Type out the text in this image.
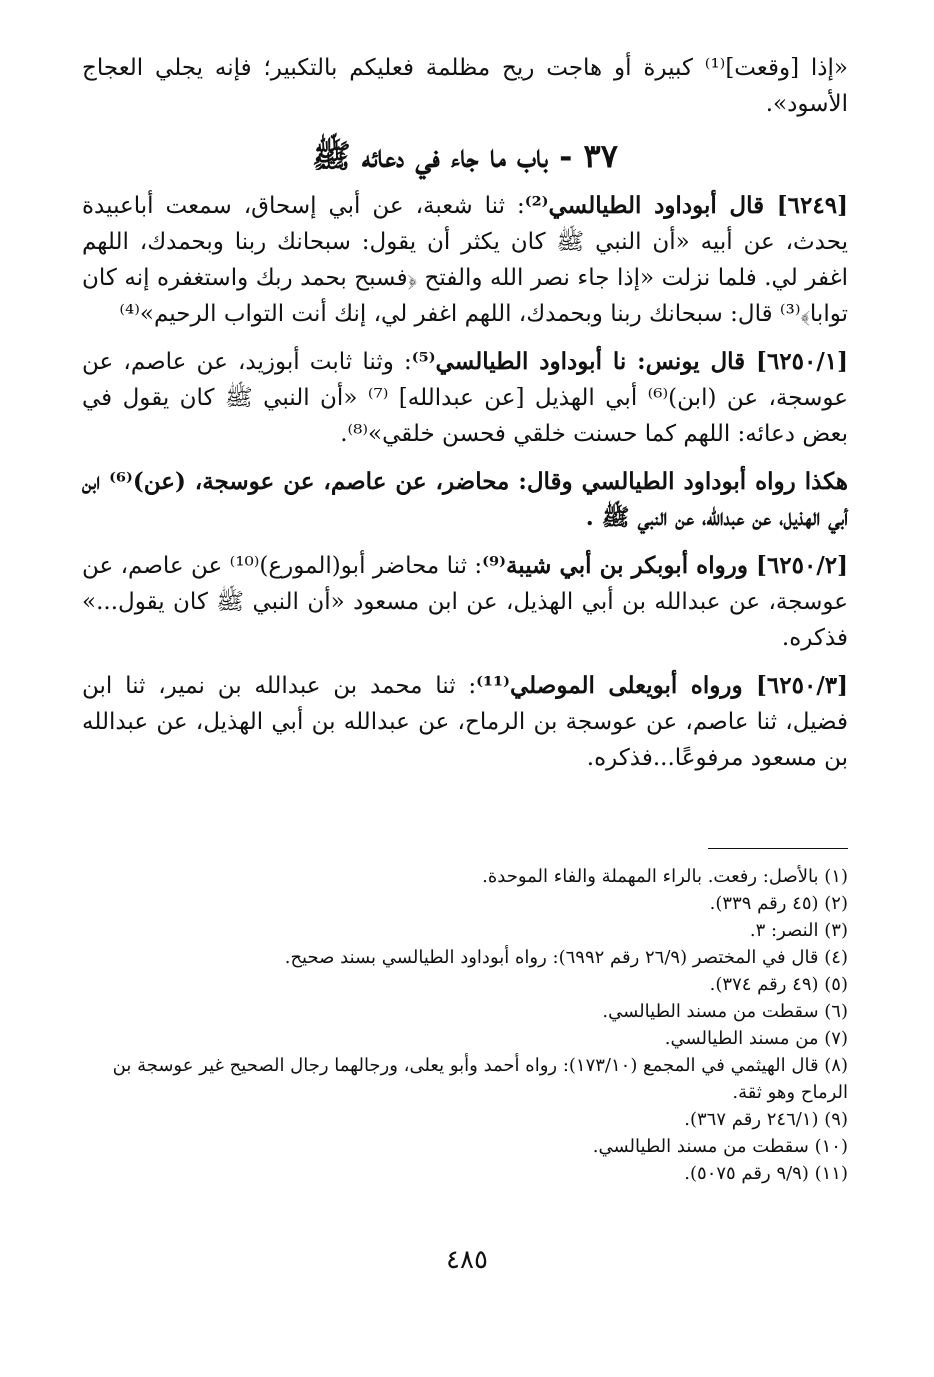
«إذا [وقعت]⁽¹⁾ كبيرة أو هاجت ريح مظلمة فعليكم بالتكبير؛ فإنه يجلي العجاج الأسود».

٣٧ - باب ما جاء في دعائه ﷺ

[٦٢٤٩] قال أبوداود الطيالسي⁽²⁾: ثنا شعبة، عن أبي إسحاق، سمعت أباعبيدة يحدث، عن أبيه «أن النبي ﷺ كان يكثر أن يقول: سبحانك ربنا وبحمدك، اللهم اغفر لي. فلما نزلت «إذا جاء نصر الله والفتح ﴿فسبح بحمد ربك واستغفره إنه كان توابا﴾⁽³⁾ قال: سبحانك ربنا وبحمدك، اللهم اغفر لي، إنك أنت التواب الرحيم»⁽⁴⁾

[٦٢٥٠/١] قال يونس: نا أبوداود الطيالسي⁽⁵⁾: وثنا ثابت أبوزيد، عن عاصم، عن عوسجة، عن (ابن)⁽⁶⁾ أبي الهذيل [عن عبدالله] ⁽⁷⁾ «أن النبي ﷺ كان يقول في بعض دعائه: اللهم كما حسنت خلقي فحسن خلقي»⁽⁸⁾.

هكذا رواه أبوداود الطيالسي وقال: محاضر، عن عاصم، عن عوسجة، (عن)⁽⁶⁾ ابن أبي الهذيل، عن عبدالله، عن النبي ﷺ .

[٦٢٥٠/٢] ورواه أبوبكر بن أبي شيبة⁽⁹⁾: ثنا محاضر أبو(المورع)⁽¹⁰⁾ عن عاصم، عن عوسجة، عن عبدالله بن أبي الهذيل، عن ابن مسعود «أن النبي ﷺ كان يقول...» فذكره.

[٦٢٥٠/٣] ورواه أبويعلى الموصلي⁽¹¹⁾: ثنا محمد بن عبدالله بن نمير، ثنا ابن فضيل، ثنا عاصم، عن عوسجة بن الرماح، عن عبدالله بن أبي الهذيل، عن عبدالله بن مسعود مرفوعًا...فذكره.

(١) بالأصل: رفعت. بالراء المهملة والفاء الموحدة.
(٢) (٤٥ رقم ٣٣٩).
(٣) النصر: ٣.
(٤) قال في المختصر (٢٦/٩ رقم ٦٩٩٢): رواه أبوداود الطيالسي بسند صحيح.
(٥) (٤٩ رقم ٣٧٤).
(٦) سقطت من مسند الطيالسي.
(٧) من مسند الطيالسي.
(٨) قال الهيثمي في المجمع (١٧٣/١٠): رواه أحمد وأبو يعلى، ورجالهما رجال الصحيح غير عوسجة بن الرماح وهو ثقة.
(٩) (٢٤٦/١ رقم ٣٦٧).
(١٠) سقطت من مسند الطيالسي.
(١١) (٩/٩ رقم ٥٠٧٥).
٤٨٥
